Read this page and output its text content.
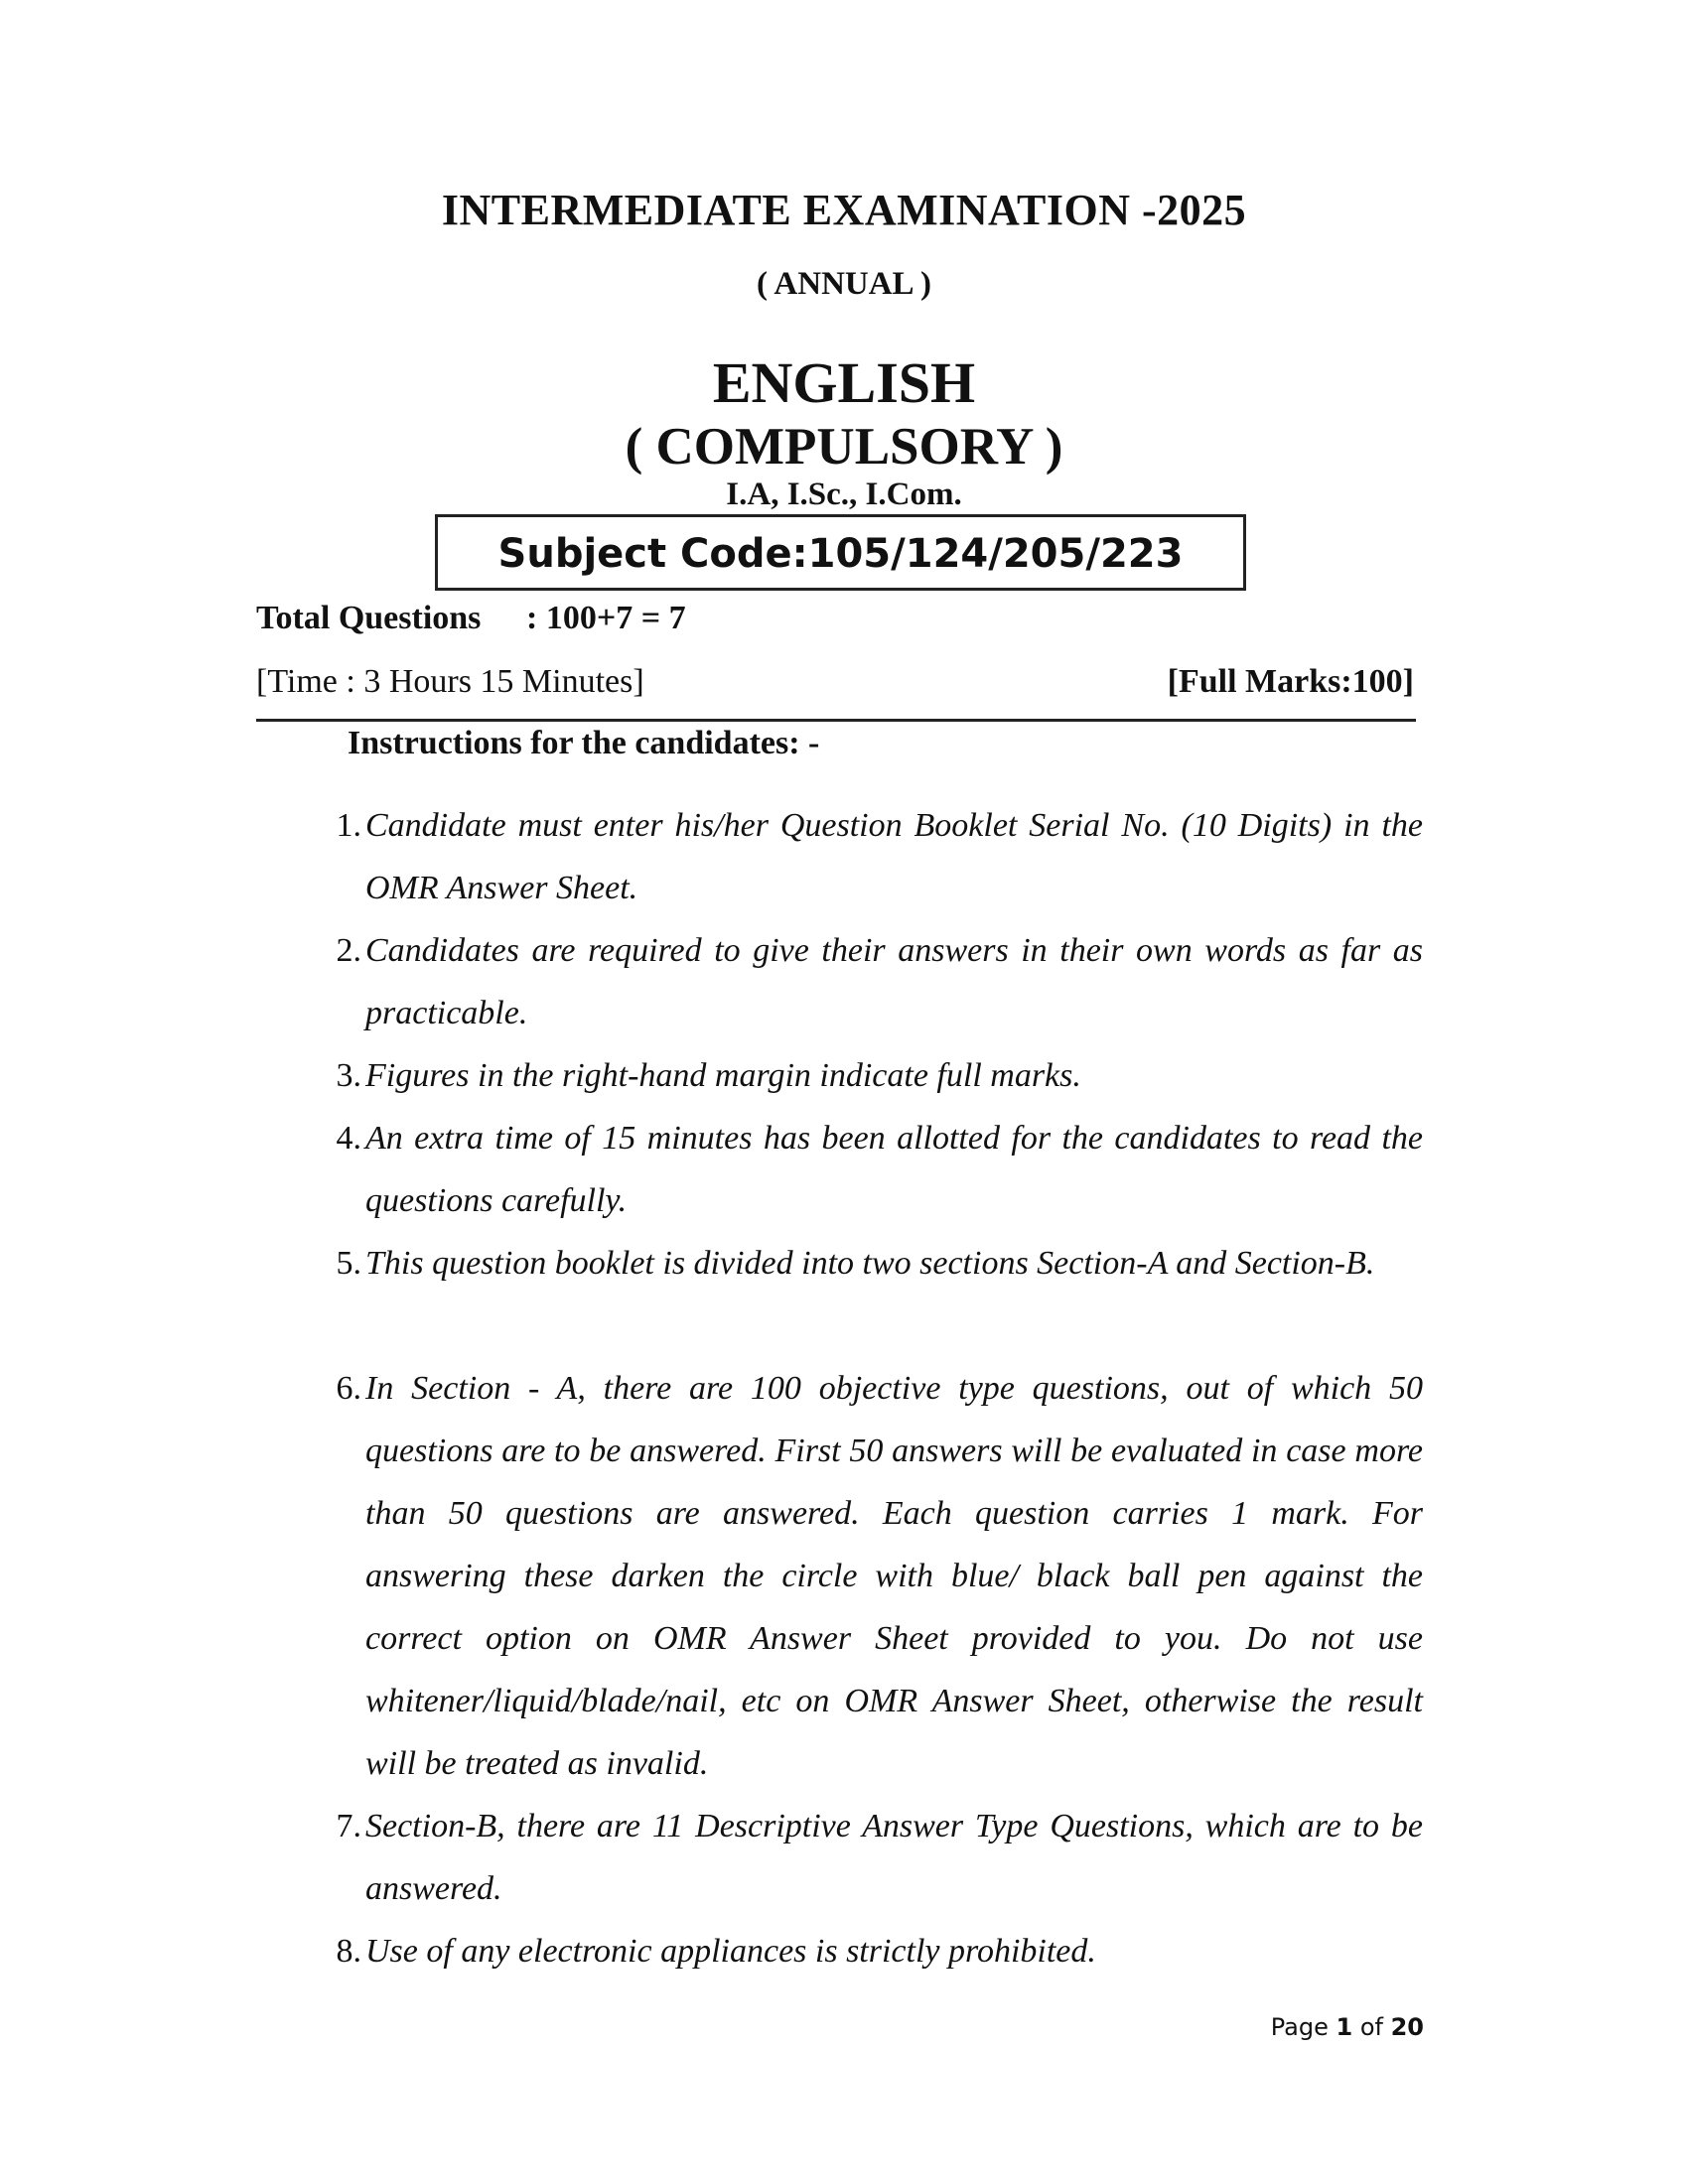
INTERMEDIATE EXAMINATION -2025
( ANNUAL )
ENGLISH
( COMPULSORY )
I.A, I.Sc., I.Com.
Subject Code:105/124/205/223
Total Questions : 100+7 = 7
[Time : 3 Hours 15 Minutes]	[Full Marks:100]
Instructions for the candidates: -
1. Candidate must enter his/her Question Booklet Serial No. (10 Digits) in the OMR Answer Sheet.
2. Candidates are required to give their answers in their own words as far as practicable.
3. Figures in the right-hand margin indicate full marks.
4. An extra time of 15 minutes has been allotted for the candidates to read the questions carefully.
5. This question booklet is divided into two sections Section-A and Section-B.
6. In Section - A, there are 100 objective type questions, out of which 50 questions are to be answered. First 50 answers will be evaluated in case more than 50 questions are answered. Each question carries 1 mark. For answering these darken the circle with blue/ black ball pen against the correct option on OMR Answer Sheet provided to you. Do not use whitener/liquid/blade/nail, etc on OMR Answer Sheet, otherwise the result will be treated as invalid.
7. Section-B, there are 11 Descriptive Answer Type Questions, which are to be answered.
8. Use of any electronic appliances is strictly prohibited.
Page 1 of 20
